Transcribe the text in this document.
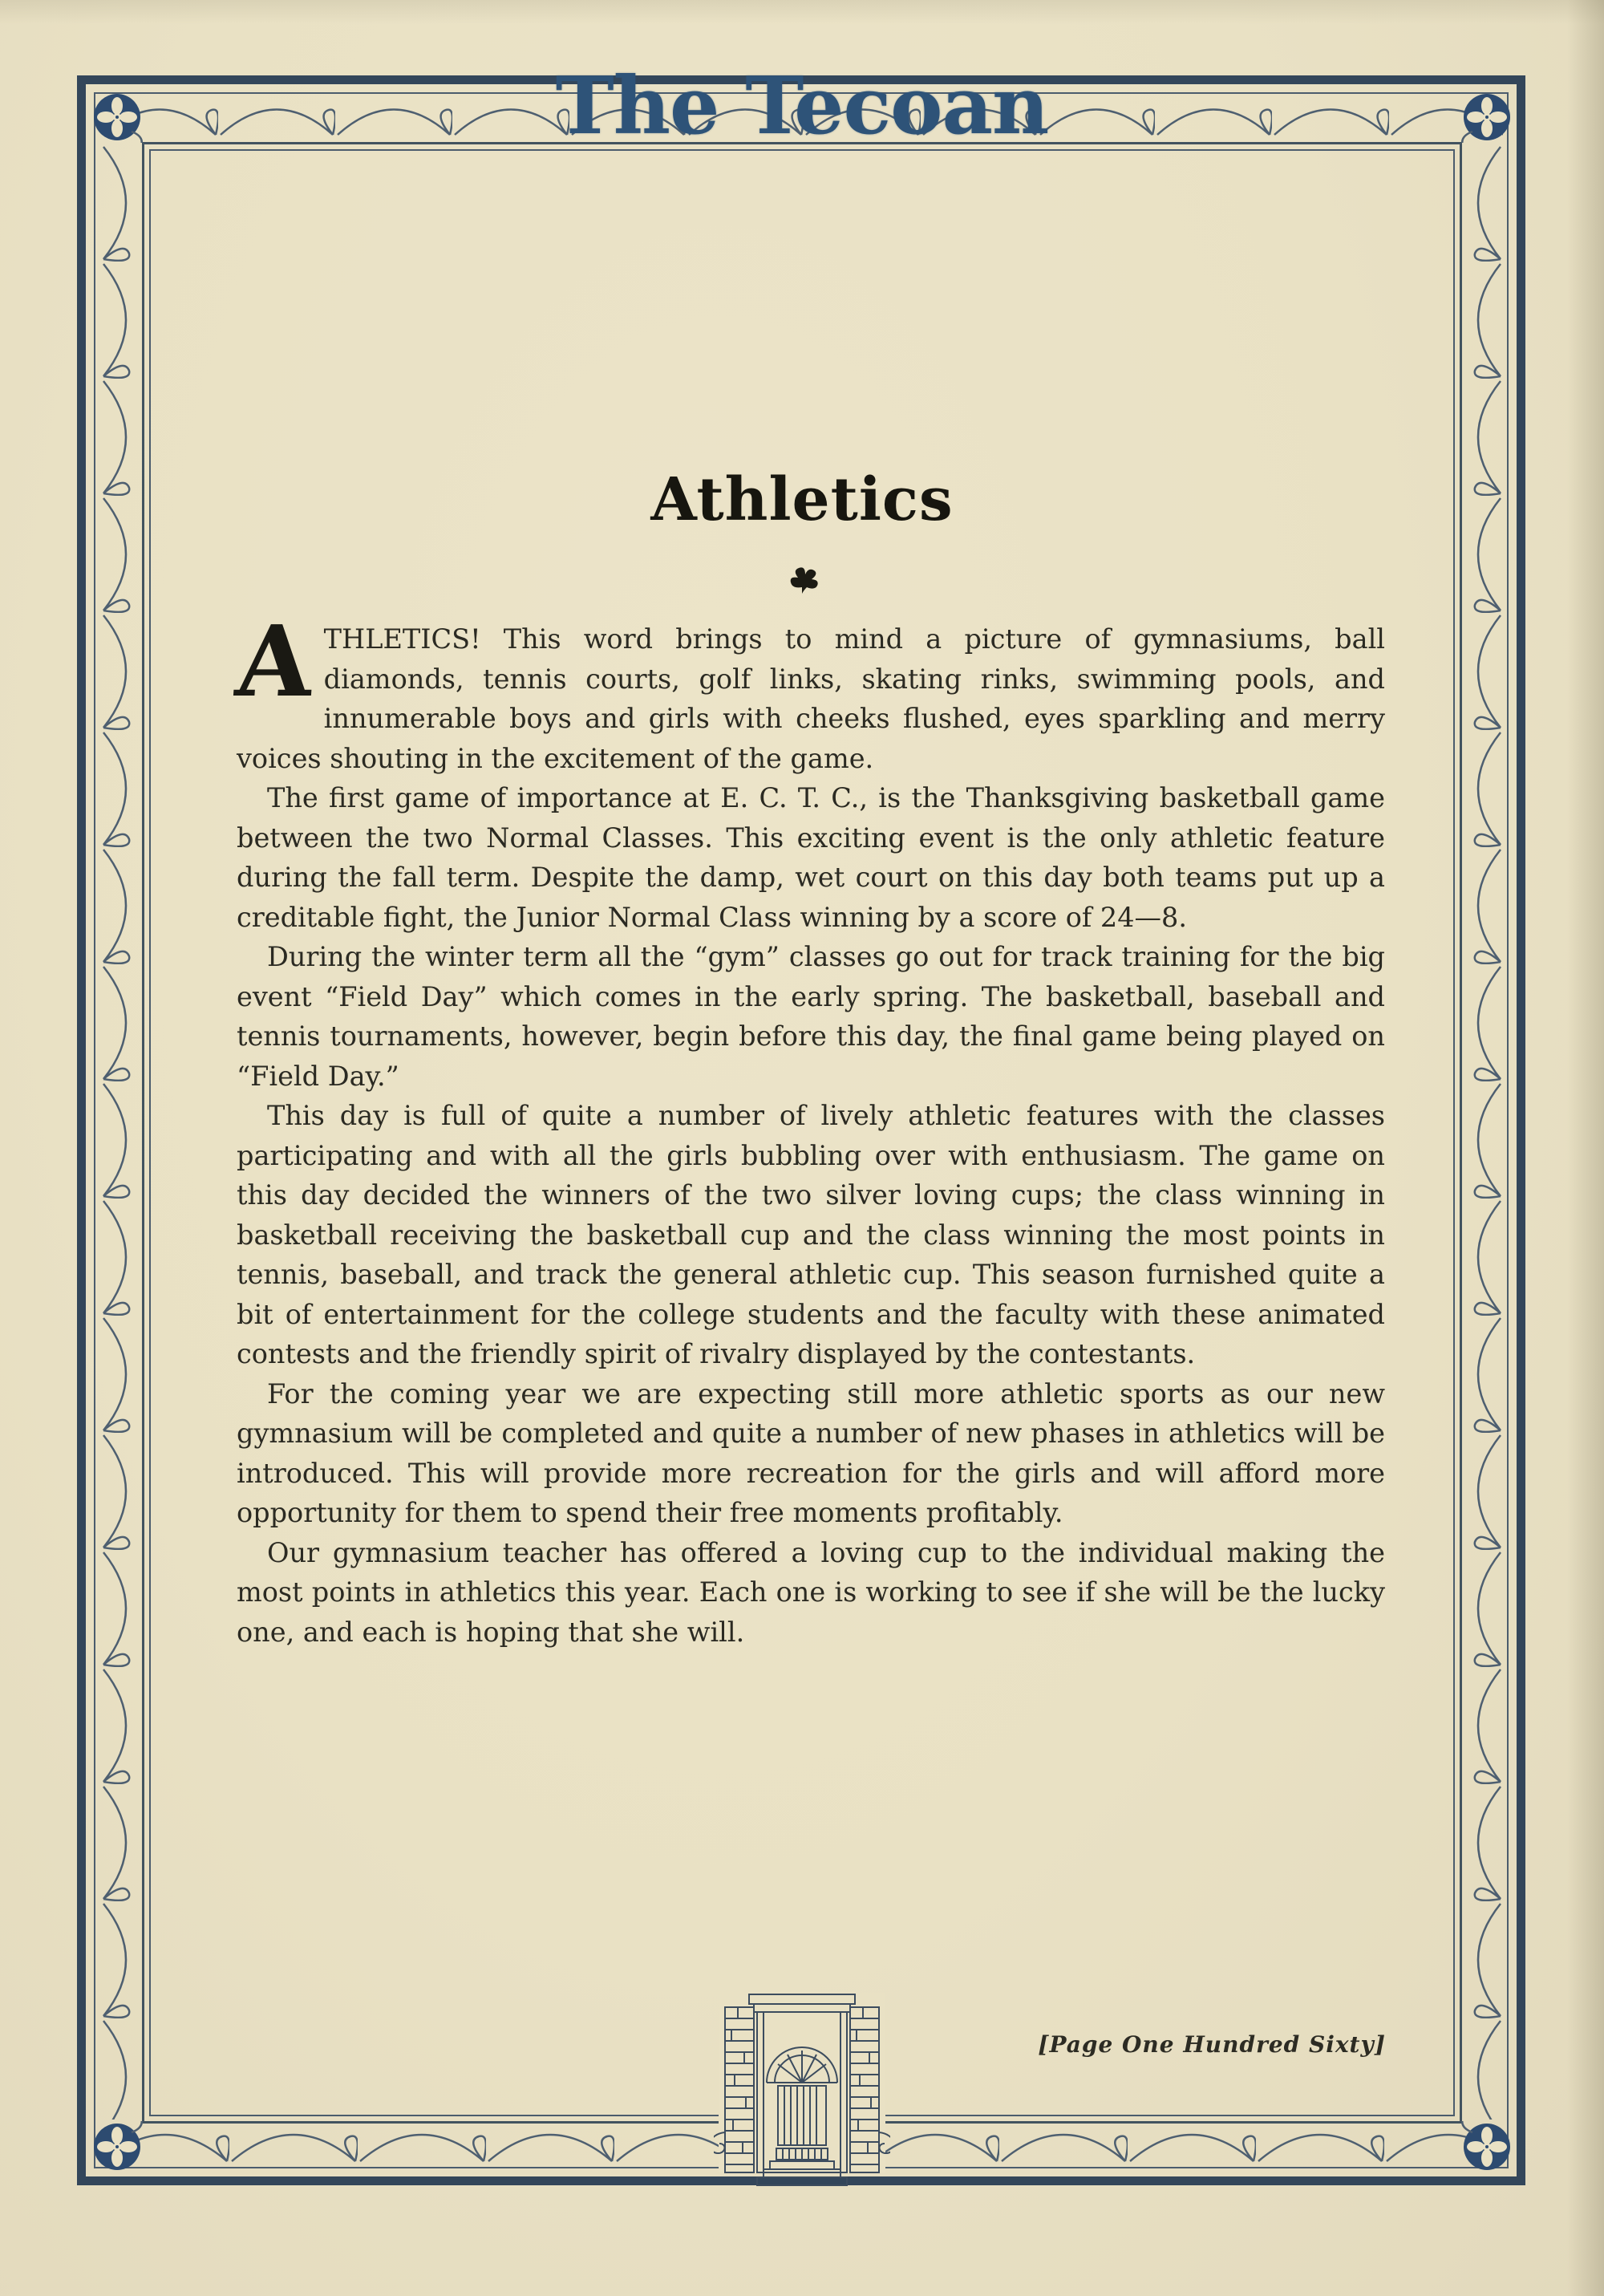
The Tecoan
Athletics

ATHLETICS! This word brings to mind a picture of gymnasiums, ball diamonds, tennis courts, golf links, skating rinks, swimming pools, and innumerable boys and girls with cheeks flushed, eyes sparkling and merry voices shouting in the excitement of the game.

The first game of importance at E. C. T. C., is the Thanksgiving basketball game between the two Normal Classes. This exciting event is the only athletic feature during the fall term. Despite the damp, wet court on this day both teams put up a creditable fight, the Junior Normal Class winning by a score of 24—8.

During the winter term all the “gym” classes go out for track training for the big event “Field Day” which comes in the early spring. The basketball, baseball and tennis tournaments, however, begin before this day, the final game being played on “Field Day.”

This day is full of quite a number of lively athletic features with the classes participating and with all the girls bubbling over with enthusiasm. The game on this day decided the winners of the two silver loving cups; the class winning in basketball receiving the basketball cup and the class winning the most points in tennis, baseball, and track the general athletic cup. This season furnished quite a bit of entertainment for the college students and the faculty with these animated contests and the friendly spirit of rivalry displayed by the contestants.

For the coming year we are expecting still more athletic sports as our new gymnasium will be completed and quite a number of new phases in athletics will be introduced. This will provide more recreation for the girls and will afford more opportunity for them to spend their free moments profitably.

Our gymnasium teacher has offered a loving cup to the individual making the most points in athletics this year. Each one is working to see if she will be the lucky one, and each is hoping that she will.

[Page One Hundred Sixty]
